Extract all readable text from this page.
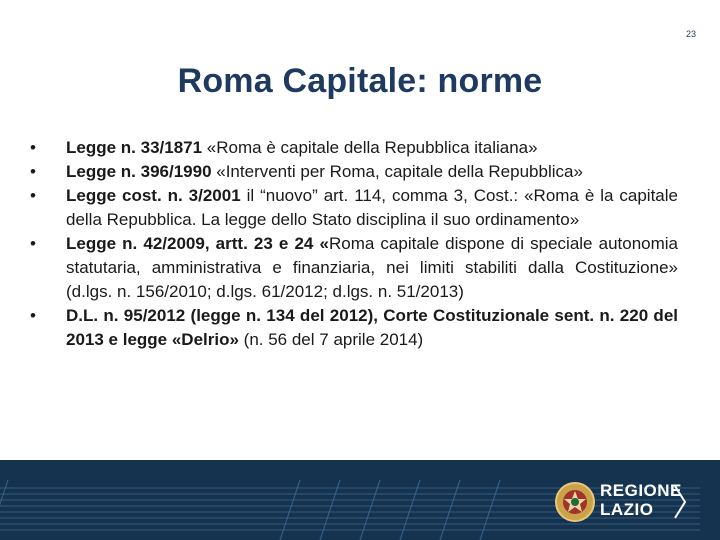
23
Roma Capitale: norme
•	Legge n. 33/1871 «Roma è capitale della Repubblica italiana»
•	Legge n. 396/1990 «Interventi per Roma, capitale della Repubblica»
•	Legge cost. n. 3/2001 il “nuovo” art. 114, comma 3, Cost.: «Roma è la capitale della Repubblica. La legge dello Stato disciplina il suo ordinamento»
•	Legge n. 42/2009, artt. 23 e 24 «Roma capitale dispone di speciale autonomia statutaria, amministrativa e finanziaria, nei limiti stabiliti dalla Costituzione» (d.lgs. n. 156/2010; d.lgs. 61/2012; d.lgs. n. 51/2013)
•	D.L. n. 95/2012 (legge n. 134 del 2012), Corte Costituzionale sent. n. 220 del 2013 e legge «Delrio» (n. 56 del 7 aprile 2014)
REGIONE
LAZIO
